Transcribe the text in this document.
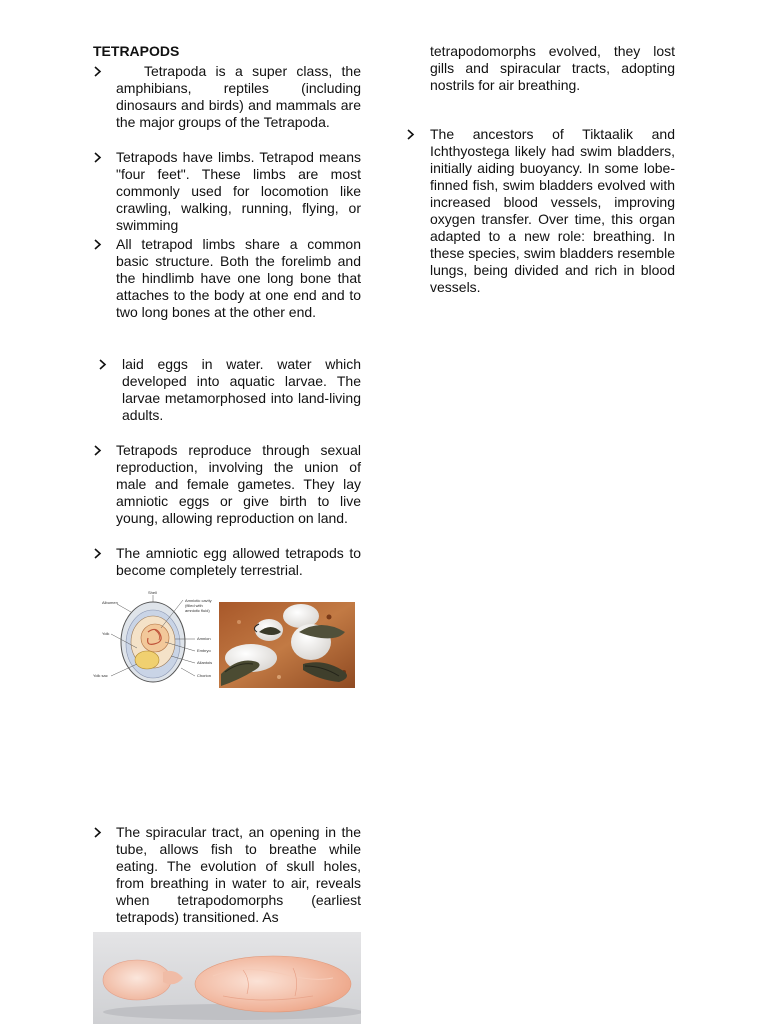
TETRAPODS
Tetrapoda is a super class, the amphibians, reptiles (including dinosaurs and birds) and mammals are the major groups of the Tetrapoda.
Tetrapods have limbs. Tetrapod means "four feet". These limbs are most commonly used for locomotion like crawling, walking, running, flying, or swimming
All tetrapod limbs share a common basic structure. Both the forelimb and the hindlimb have one long bone that attaches to the body at one end and to two long bones at the other end.
laid eggs in water. water which developed into aquatic larvae. The larvae metamorphosed into land-living adults.
Tetrapods reproduce through sexual reproduction, involving the union of male and female gametes. They lay amniotic eggs or give birth to live young, allowing reproduction on land.
The amniotic egg allowed tetrapods to become completely terrestrial.
Shell
Albumen	Amniotic cavity (filled with amniotic fluid)
Yolk
Amnion
Embryo
Allantois
Yolk sac	Chorion
The spiracular tract, an opening in the tube, allows fish to breathe while eating. The evolution of skull holes, from breathing in water to air, reveals when tetrapodomorphs (earliest tetrapods) transitioned. As
tetrapodomorphs evolved, they lost gills and spiracular tracts, adopting nostrils for air breathing.
The ancestors of Tiktaalik and Ichthyostega likely had swim bladders, initially aiding buoyancy. In some lobe-finned fish, swim bladders evolved with increased blood vessels, improving oxygen transfer. Over time, this organ adapted to a new role: breathing. In these species, swim bladders resemble lungs, being divided and rich in blood vessels.
